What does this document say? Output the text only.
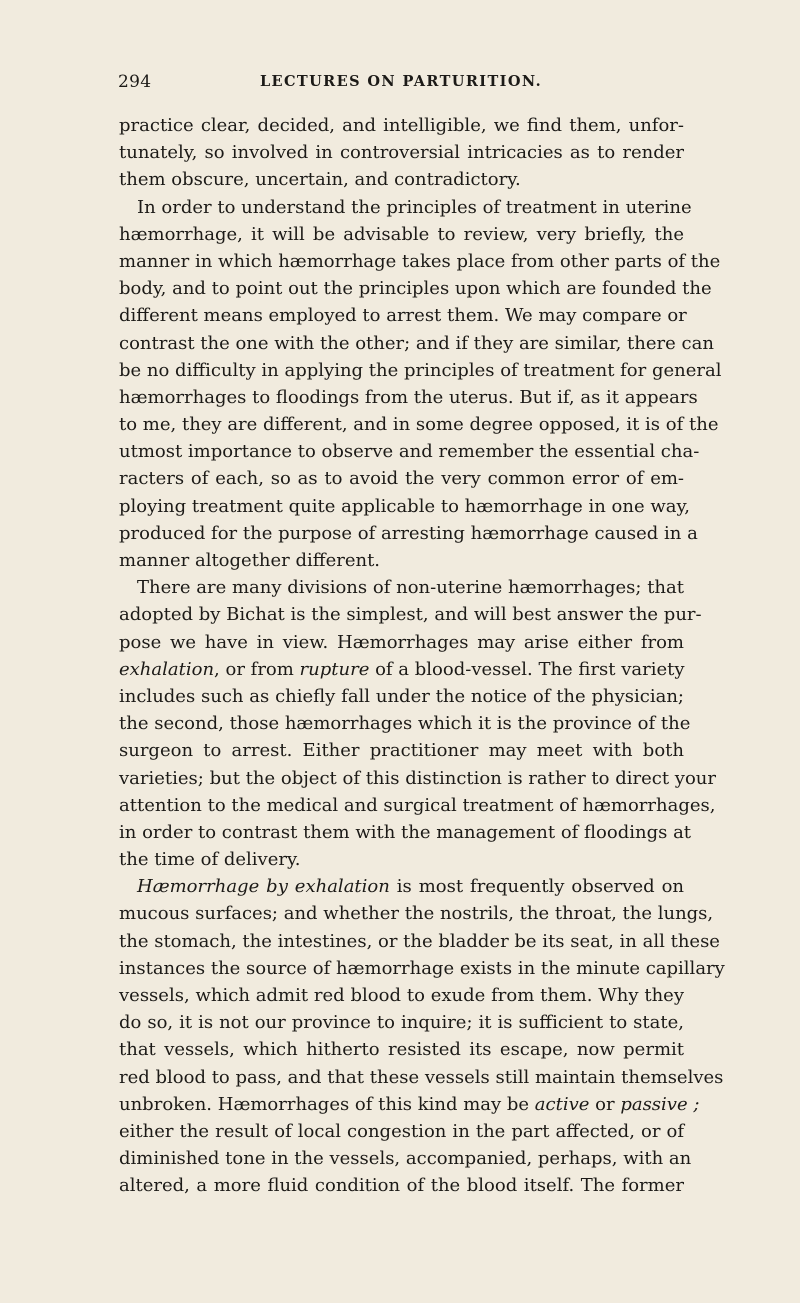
294	LECTURES ON PARTURITION.
practice clear, decided, and intelligible, we find them, unfor-
tunately, so involved in controversial intricacies as to render
them obscure, uncertain, and contradictory.
In order to understand the principles of treatment in uterine
hæmorrhage, it will be advisable to review, very briefly, the
manner in which hæmorrhage takes place from other parts of the
body, and to point out the principles upon which are founded the
different means employed to arrest them. We may compare or
contrast the one with the other; and if they are similar, there can
be no difficulty in applying the principles of treatment for general
hæmorrhages to floodings from the uterus. But if, as it appears
to me, they are different, and in some degree opposed, it is of the
utmost importance to observe and remember the essential cha-
racters of each, so as to avoid the very common error of em-
ploying treatment quite applicable to hæmorrhage in one way,
produced for the purpose of arresting hæmorrhage caused in a
manner altogether different.
There are many divisions of non-uterine hæmorrhages; that
adopted by Bichat is the simplest, and will best answer the pur-
pose we have in view. Hæmorrhages may arise either from
exhalation, or from rupture of a blood-vessel. The first variety
includes such as chiefly fall under the notice of the physician;
the second, those hæmorrhages which it is the province of the
surgeon to arrest. Either practitioner may meet with both
varieties; but the object of this distinction is rather to direct your
attention to the medical and surgical treatment of hæmorrhages,
in order to contrast them with the management of floodings at
the time of delivery.
Hæmorrhage by exhalation is most frequently observed on
mucous surfaces; and whether the nostrils, the throat, the lungs,
the stomach, the intestines, or the bladder be its seat, in all these
instances the source of hæmorrhage exists in the minute capillary
vessels, which admit red blood to exude from them. Why they
do so, it is not our province to inquire; it is sufficient to state,
that vessels, which hitherto resisted its escape, now permit
red blood to pass, and that these vessels still maintain themselves
unbroken. Hæmorrhages of this kind may be active or passive ;
either the result of local congestion in the part affected, or of
diminished tone in the vessels, accompanied, perhaps, with an
altered, a more fluid condition of the blood itself. The former
